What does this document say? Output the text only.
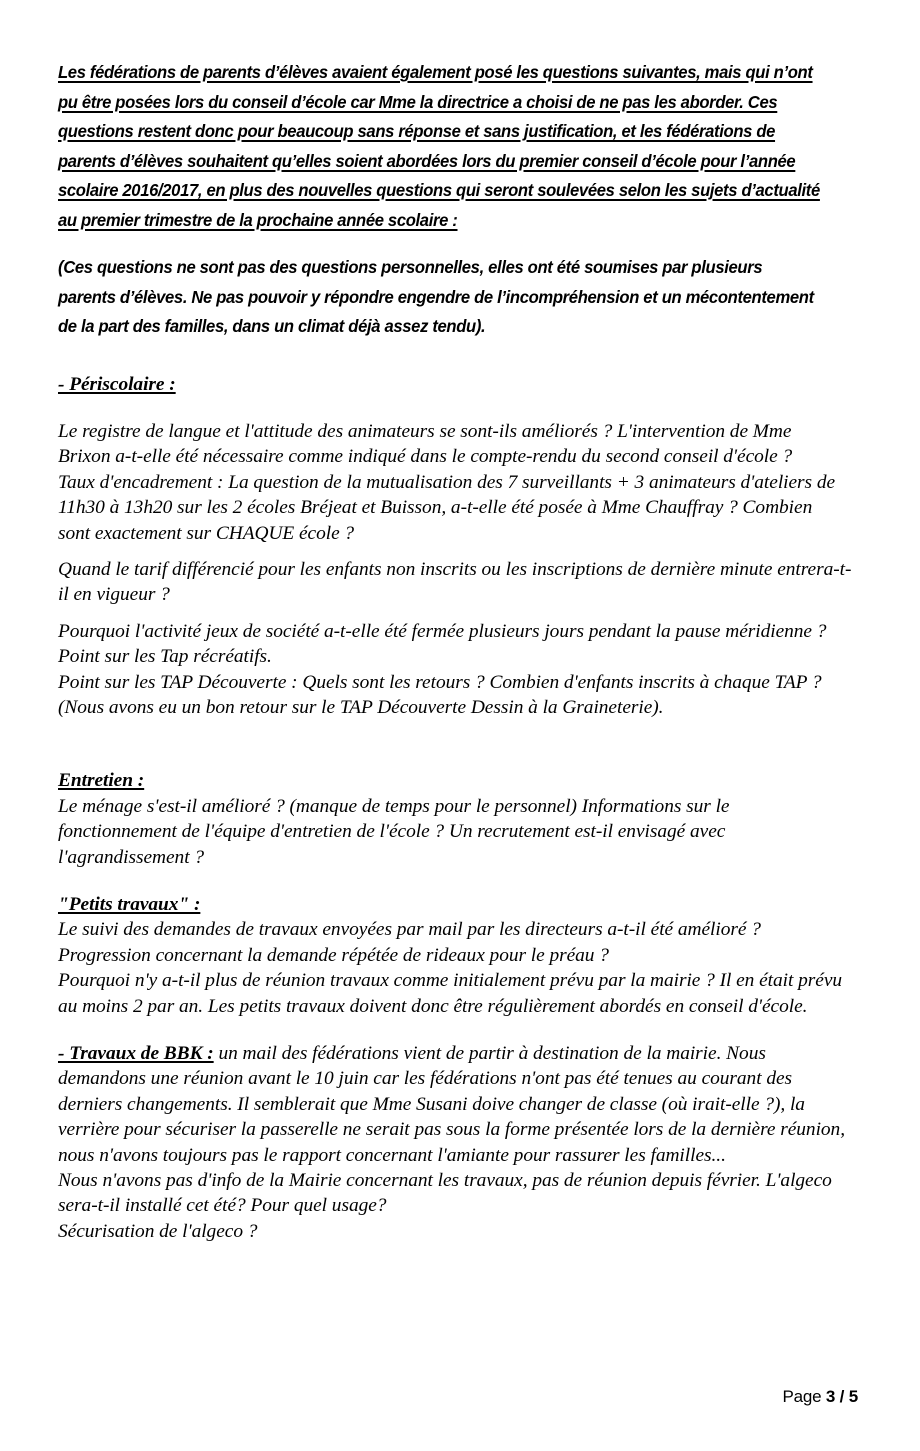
Les fédérations de parents d’élèves avaient également posé les questions suivantes, mais qui n’ont pu être posées lors du conseil d’école car Mme la directrice a choisi de ne pas les aborder. Ces questions restent donc pour beaucoup sans réponse et sans justification, et les fédérations de parents d’élèves souhaitent qu’elles soient abordées lors du premier conseil d’école pour l’année scolaire 2016/2017, en plus des nouvelles questions qui seront soulevées selon les sujets d’actualité au premier trimestre de la prochaine année scolaire :

(Ces questions ne sont pas des questions personnelles, elles ont été soumises par plusieurs parents d’élèves. Ne pas pouvoir y répondre engendre de l’incompréhension et un mécontentement de la part des familles, dans un climat déjà assez tendu).

- Périscolaire :

Le registre de langue et l'attitude des animateurs se sont-ils améliorés ? L'intervention de Mme Brixon a-t-elle été nécessaire comme indiqué dans le compte-rendu du second conseil d'école ?

Taux d'encadrement : La question de la mutualisation des 7 surveillants + 3 animateurs d'ateliers de 11h30 à 13h20 sur les 2 écoles Bréjeat et Buisson, a-t-elle été posée à Mme Chauffray ? Combien sont exactement sur CHAQUE école ?

Quand le tarif différencié pour les enfants non inscrits ou les inscriptions de dernière minute entrera-t-il en vigueur ?

Pourquoi l'activité jeux de société a-t-elle été fermée plusieurs jours pendant la pause méridienne ?

Point sur les Tap récréatifs.

Point sur les TAP Découverte : Quels sont les retours ? Combien d'enfants inscrits à chaque TAP ?

(Nous avons eu un bon retour sur le TAP Découverte Dessin à la Graineterie).

Entretien :

Le ménage s'est-il amélioré ? (manque de temps pour le personnel) Informations sur le fonctionnement de l'équipe d'entretien de l'école ? Un recrutement est-il envisagé avec l'agrandissement ?

"Petits travaux" :

Le suivi des demandes de travaux envoyées par mail par les directeurs a-t-il été amélioré ?

Progression concernant la demande répétée de rideaux pour le préau ?

Pourquoi n'y a-t-il plus de réunion travaux comme initialement prévu par la mairie ? Il en était prévu au moins 2 par an. Les petits travaux doivent donc être régulièrement abordés en conseil d'école.

- Travaux de BBK : un mail des fédérations vient de partir à destination de la mairie. Nous demandons une réunion avant le 10 juin car les fédérations n'ont pas été tenues au courant des derniers changements. Il semblerait que Mme Susani doive changer de classe (où irait-elle ?), la verrière pour sécuriser la passerelle ne serait pas sous la forme présentée lors de la dernière réunion, nous n'avons toujours pas le rapport concernant l'amiante pour rassurer les familles...

Nous n'avons pas d'info de la Mairie concernant les travaux, pas de réunion depuis février. L'algeco sera-t-il installé cet été? Pour quel usage?

Sécurisation de l'algeco ?

Page 3 / 5
